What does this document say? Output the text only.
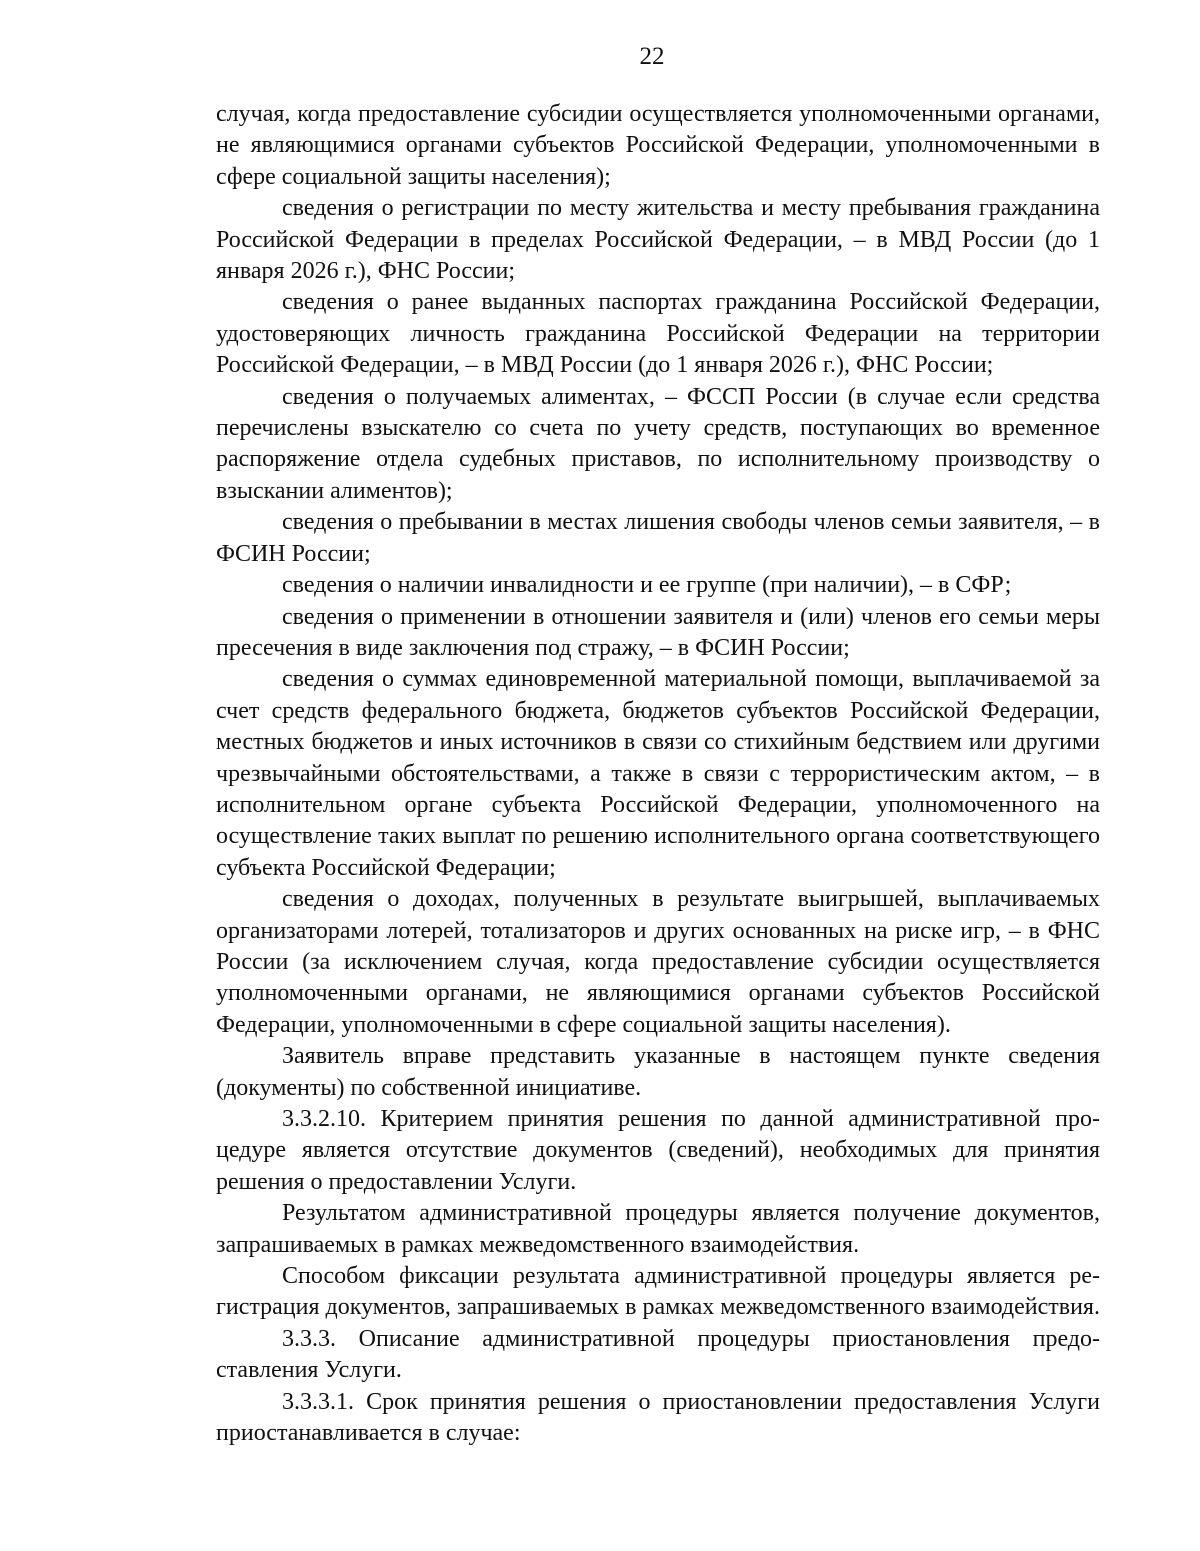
22

случая, когда предоставление субсидии осуществляется уполномоченными органами, не являющимися органами субъектов Российской Федерации, уполномоченными в сфере социальной защиты населения);

сведения о регистрации по месту жительства и месту пребывания гражданина Российской Федерации в пределах Российской Федерации, – в МВД России (до 1 января 2026 г.), ФНС России;

сведения о ранее выданных паспортах гражданина Российской Федерации, удостоверяющих личность гражданина Российской Федерации на территории Российской Федерации, – в МВД России (до 1 января 2026 г.), ФНС России;

сведения о получаемых алиментах, – ФССП России (в случае если средства перечислены взыскателю со счета по учету средств, поступающих во временное распоряжение отдела судебных приставов, по исполнительному производству о взыскании алиментов);

сведения о пребывании в местах лишения свободы членов семьи заявителя, – в ФСИН России;

сведения о наличии инвалидности и ее группе (при наличии), – в СФР;

сведения о применении в отношении заявителя и (или) членов его семьи меры пресечения в виде заключения под стражу, – в ФСИН России;

сведения о суммах единовременной материальной помощи, выплачиваемой за счет средств федерального бюджета, бюджетов субъектов Российской Федерации, местных бюджетов и иных источников в связи со стихийным бедствием или другими чрезвычайными обстоятельствами, а также в связи с террористическим актом, – в исполнительном органе субъекта Российской Федерации, уполномоченного на осуществление таких выплат по решению исполнительного органа соответствующего субъекта Российской Федерации;

сведения о доходах, полученных в результате выигрышей, выплачиваемых организаторами лотерей, тотализаторов и других основанных на риске игр, – в ФНС России (за исключением случая, когда предоставление субсидии осуществляется уполномоченными органами, не являющимися органами субъектов Российской Федерации, уполномоченными в сфере социальной защиты населения).

Заявитель вправе представить указанные в настоящем пункте сведения (документы) по собственной инициативе.

3.3.2.10. Критерием принятия решения по данной административной процедуре является отсутствие документов (сведений), необходимых для принятия решения о предоставлении Услуги.

Результатом административной процедуры является получение документов, запрашиваемых в рамках межведомственного взаимодействия.

Способом фиксации результата административной процедуры является регистрация документов, запрашиваемых в рамках межведомственного взаимодействия.

3.3.3. Описание административной процедуры приостановления предоставления Услуги.

3.3.3.1. Срок принятия решения о приостановлении предоставления Услуги приостанавливается в случае:
